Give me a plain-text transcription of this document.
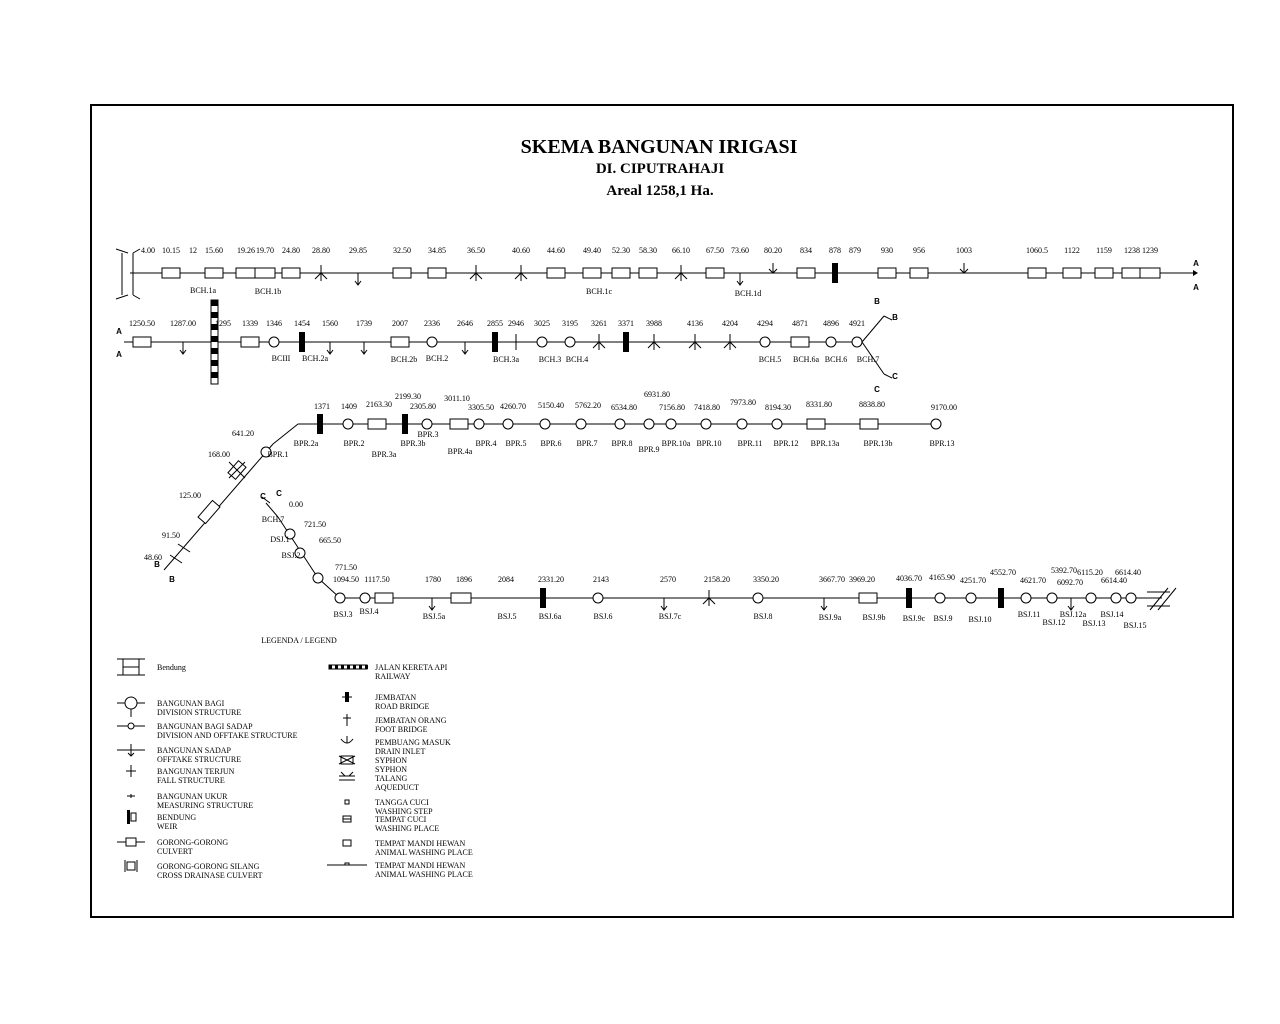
SKEMA BANGUNAN IRIGASI
DI. CIPUTRAHAJI
Areal 1258,1 Ha.
4.00 10.15 12 15.60 19.26 19.70 24.80 28.80 29.85	32.50 34.85	36.50	40.60 44.60 49.40 52.30 58.30 66.10 67.50 73.60 80.20 834 878 879	930	956	1003	1060.5 1122 1159 1238 1239
BCH.1a	BCH.1b	BCH.1c	BCH.1d
A
A
A
A
1250.50 1287.00 1295 1339 1346 1454 1560 1739	2007 2336 2646 2855 2946 3025 3195 3261 3371 3988	4136 4204 4294 4871 4896 4921
BCIII BCH.2a	BCH.2b BCH.2	BCH.3a BCH.3 BCH.4	BCH.5 BCH.6a BCH.6 BCH.7
B
B
C
C
B
B
641.20
168.00
125.00
91.50
48.60
1371 1409 2163.30
2199.30
2305.80
3011.10
3305.50 4260.70 5150.40 5762.20 6534.80
6931.80
7156.80 7418.80
7973.80
8194.30 8331.80	8838.80	9170.00
BPR.1
BPR.2a	BPR.2
BPR.3a
BPR.3b
BPR.3
BPR.4a
BPR.4 BPR.5 BPR.6 BPR.7 BPR.8
BPR.9
BPR.10a BPR.10 BPR.11 BPR.12 BPR.13a	BPR.13b	BPR.13
C C
0.00
721.50
665.50
771.50
BCH.7
DSJ.1
BSJ.2
1094.50 1117.50	1780 1896	2084	2331.20	2143	2570	2158.20	3350.20	3667.70 3969.20	4036.70 4165.90 4251.70
4552.70
4621.70
5392.70
6092.70
6115.20
6614.40
6614.40
BSJ.3 BSJ.4
BSJ.5a	BSJ.5	BSJ.6a	BSJ.6	BSJ.7c	BSJ.8	BSJ.9a	BSJ.9b BSJ.9c BSJ.9 BSJ.10
BSJ.11
BSJ.12
BSJ.12a
BSJ.13
BSJ.14
BSJ.15
LEGENDA / LEGEND
Bendung
BANGUNAN BAGI
DIVISION STRUCTURE
BANGUNAN BAGI SADAP
DIVISION AND OFFTAKE STRUCTURE
BANGUNAN SADAP
OFFTAKE STRUCTURE
BANGUNAN TERJUN
FALL STRUCTURE
BANGUNAN UKUR
MEASURING STRUCTURE
BENDUNG
WEIR
GORONG-GORONG
CULVERT
GORONG-GORONG SILANG
CROSS DRAINASE CULVERT
JALAN KERETA API
RAILWAY
JEMBATAN
ROAD BRIDGE
JEMBATAN ORANG
FOOT BRIDGE
PEMBUANG MASUK
DRAIN INLET
SYPHON
SYPHON
TALANG
AQUEDUCT
TANGGA CUCI
WASHING STEP
TEMPAT CUCI
WASHING PLACE
TEMPAT MANDI HEWAN
ANIMAL WASHING PLACE
TEMPAT MANDI HEWAN
ANIMAL WASHING PLACE
